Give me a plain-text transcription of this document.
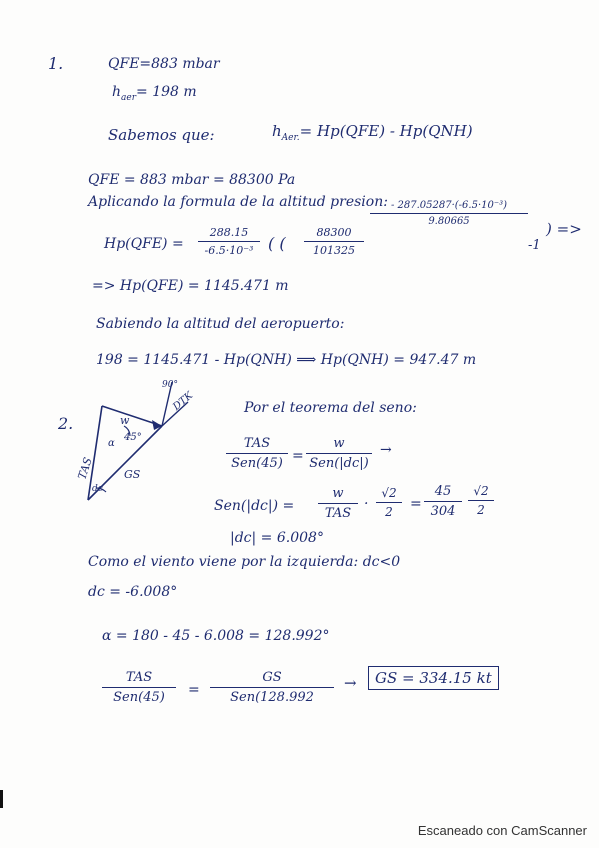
1.	QFE=883 mbar
$h_{aer}= 198$ m
Sabemos que:	$h_{Aer.}= Hp(QFE) - Hp(QNH)$
QFE = 883 mbar = 88300 Pa
Aplicando la formula de la altitud presion:
Hp(QFE) =
288.15
-6.5·10⁻³ ( (
88300
101325
- 287.05287·(-6.5·10⁻³)
9.80665
-1
) =>
=> Hp(QFE) = 1145.471 m
Sabiendo la altitud del aeropuerto:
198 = 1145.471 - Hp(QNH) ⟹ Hp(QNH) = 947.47 m
2.	w
45°
TAS	GS
dc
α
DTK
90°
Por el teorema del seno:
TAS
Sen(45) =
w
Sen(|dc|)
→
Sen(|dc|) =
w
TAS
·
√2
2	=
45
304
√2
2
|dc| = 6.008°
Como el viento viene por la izquierda: dc<0
dc = -6.008°
α = 180 - 45 - 6.008 = 128.992°
TAS
Sen(45)	=
GS
Sen(128.992
→	GS = 334.15 kt
Escaneado con CamScanner
